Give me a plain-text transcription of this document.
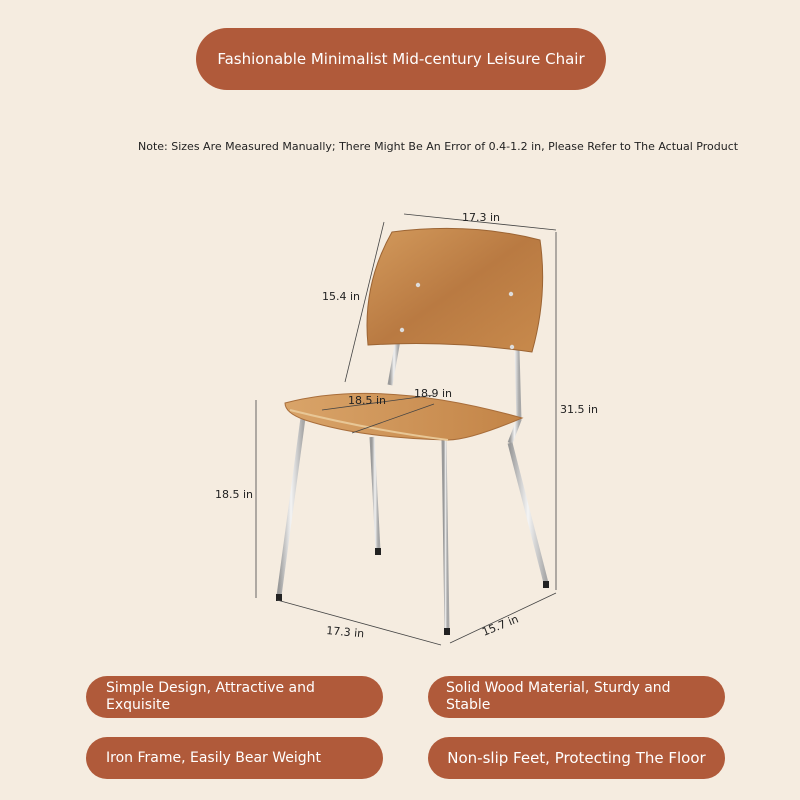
Fashionable Minimalist Mid-century Leisure Chair
Note: Sizes Are Measured Manually; There Might Be An Error of 0.4-1.2 in, Please Refer to The Actual Product
17.3 in
15.4 in
18.9 in
18.5 in
31.5 in
18.5 in
17.3 in	15.7 in
Simple Design, Attractive and Exquisite
Solid Wood Material, Sturdy and Stable
Iron Frame, Easily Bear Weight	Non-slip Feet, Protecting The Floor
